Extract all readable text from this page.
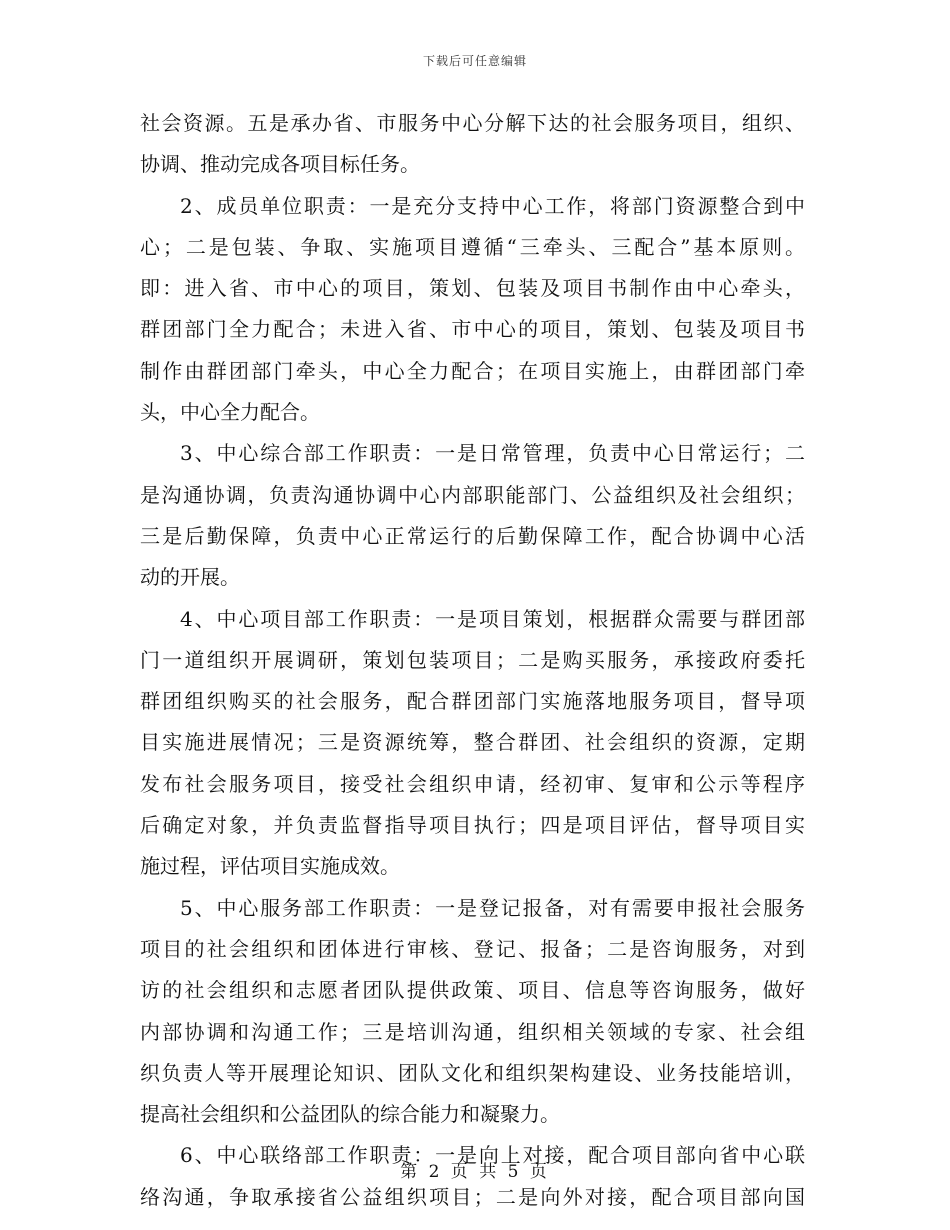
下载后可任意编辑
社会资源。五是承办省、市服务中心分解下达的社会服务项目，组织、
协调、推动完成各项目标任务。
2、成员单位职责：一是充分支持中心工作，将部门资源整合到中
心；二是包装、争取、实施项目遵循“三牵头、三配合”基本原则。
即：进入省、市中心的项目，策划、包装及项目书制作由中心牵头，
群团部门全力配合；未进入省、市中心的项目，策划、包装及项目书
制作由群团部门牵头，中心全力配合；在项目实施上，由群团部门牵
头，中心全力配合。
3、中心综合部工作职责：一是日常管理，负责中心日常运行；二
是沟通协调，负责沟通协调中心内部职能部门、公益组织及社会组织；
三是后勤保障，负责中心正常运行的后勤保障工作，配合协调中心活
动的开展。
4、中心项目部工作职责：一是项目策划，根据群众需要与群团部
门一道组织开展调研，策划包装项目；二是购买服务，承接政府委托
群团组织购买的社会服务，配合群团部门实施落地服务项目，督导项
目实施进展情况；三是资源统筹，整合群团、社会组织的资源，定期
发布社会服务项目，接受社会组织申请，经初审、复审和公示等程序
后确定对象，并负责监督指导项目执行；四是项目评估，督导项目实
施过程，评估项目实施成效。
5、中心服务部工作职责：一是登记报备，对有需要申报社会服务
项目的社会组织和团体进行审核、登记、报备；二是咨询服务，对到
访的社会组织和志愿者团队提供政策、项目、信息等咨询服务，做好
内部协调和沟通工作；三是培训沟通，组织相关领域的专家、社会组
织负责人等开展理论知识、团队文化和组织架构建设、业务技能培训，
提高社会组织和公益团队的综合能力和凝聚力。
6、中心联络部工作职责：一是向上对接，配合项目部向省中心联
络沟通，争取承接省公益组织项目；二是向外对接，配合项目部向国
第 2 页 共 5 页
